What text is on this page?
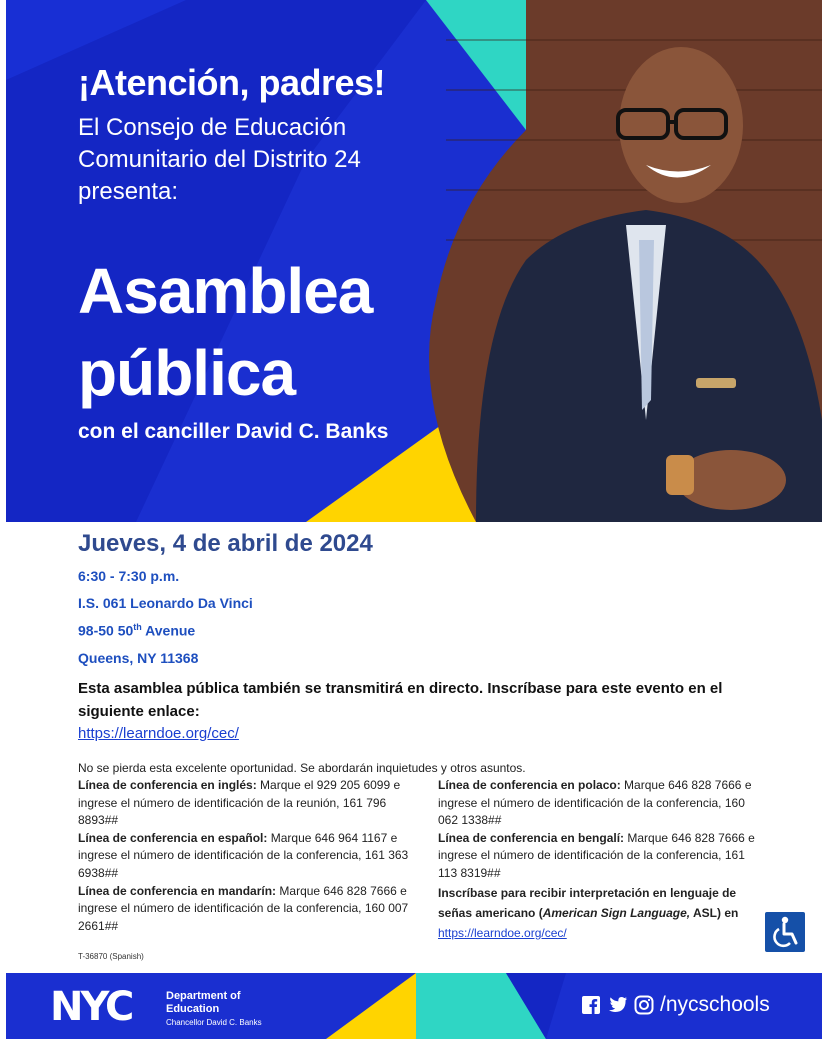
¡Atención, padres!
El Consejo de Educación
Comunitario del Distrito 24
presenta:
Asamblea
pública
con el canciller David C. Banks
Jueves, 4 de abril de 2024
6:30 - 7:30 p.m.
I.S. 061 Leonardo Da Vinci
98-50 50th Avenue
Queens, NY 11368
Esta asamblea pública también se transmitirá en directo. Inscríbase para este evento en el siguiente enlace:
https://learndoe.org/cec/
No se pierda esta excelente oportunidad. Se abordarán inquietudes y otros asuntos.

Línea de conferencia en inglés: Marque el 929 205 6099 e ingrese el número de identificación de la reunión, 161 796 8893##

Línea de conferencia en español: Marque 646 964 1167 e ingrese el número de identificación de la conferencia, 161 363 6938##

Línea de conferencia en mandarín: Marque 646 828 7666 e ingrese el número de identificación de la conferencia, 160 007 2661##

Línea de conferencia en polaco: Marque 646 828 7666 e ingrese el número de identificación de la conferencia, 160 062 1338##

Línea de conferencia en bengalí: Marque 646 828 7666 e ingrese el número de identificación de la conferencia, 161 113 8319##

Inscríbase para recibir interpretación en lenguaje de señas americano (American Sign Language, ASL) en https://learndoe.org/cec/

T-36870 (Spanish)
NYC	Department of
Education
Chancellor David C. Banks
/nycschools
